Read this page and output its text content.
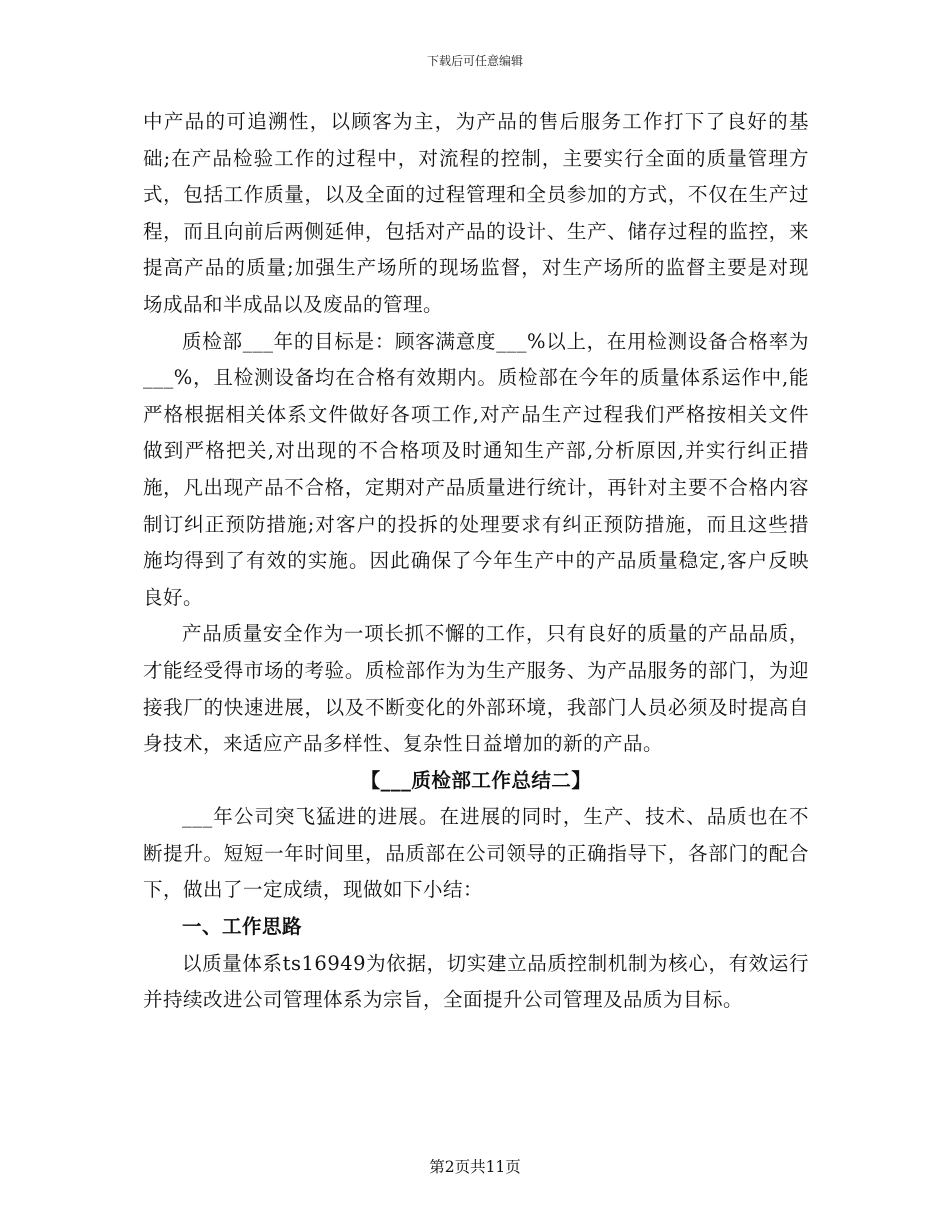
下载后可任意编辑

中产品的可追溯性，以顾客为主，为产品的售后服务工作打下了良好的基础;在产品检验工作的过程中，对流程的控制，主要实行全面的质量管理方式，包括工作质量，以及全面的过程管理和全员参加的方式，不仅在生产过程，而且向前后两侧延伸，包括对产品的设计、生产、储存过程的监控，来提高产品的质量;加强生产场所的现场监督，对生产场所的监督主要是对现场成品和半成品以及废品的管理。

质检部___年的目标是：顾客满意度___%以上，在用检测设备合格率为___%，且检测设备均在合格有效期内。质检部在今年的质量体系运作中,能严格根据相关体系文件做好各项工作,对产品生产过程我们严格按相关文件做到严格把关,对出现的不合格项及时通知生产部,分析原因,并实行纠正措施，凡出现产品不合格，定期对产品质量进行统计，再针对主要不合格内容制订纠正预防措施;对客户的投拆的处理要求有纠正预防措施，而且这些措施均得到了有效的实施。因此确保了今年生产中的产品质量稳定,客户反映良好。

产品质量安全作为一项长抓不懈的工作，只有良好的质量的产品品质，才能经受得市场的考验。质检部作为为生产服务、为产品服务的部门，为迎接我厂的快速进展，以及不断变化的外部环境，我部门人员必须及时提高自身技术，来适应产品多样性、复杂性日益增加的新的产品。

【___质检部工作总结二】

___年公司突飞猛进的进展。在进展的同时，生产、技术、品质也在不断提升。短短一年时间里，品质部在公司领导的正确指导下，各部门的配合下，做出了一定成绩，现做如下小结：

一、工作思路

以质量体系ts16949为依据，切实建立品质控制机制为核心，有效运行并持续改进公司管理体系为宗旨，全面提升公司管理及品质为目标。

第2页共11页
